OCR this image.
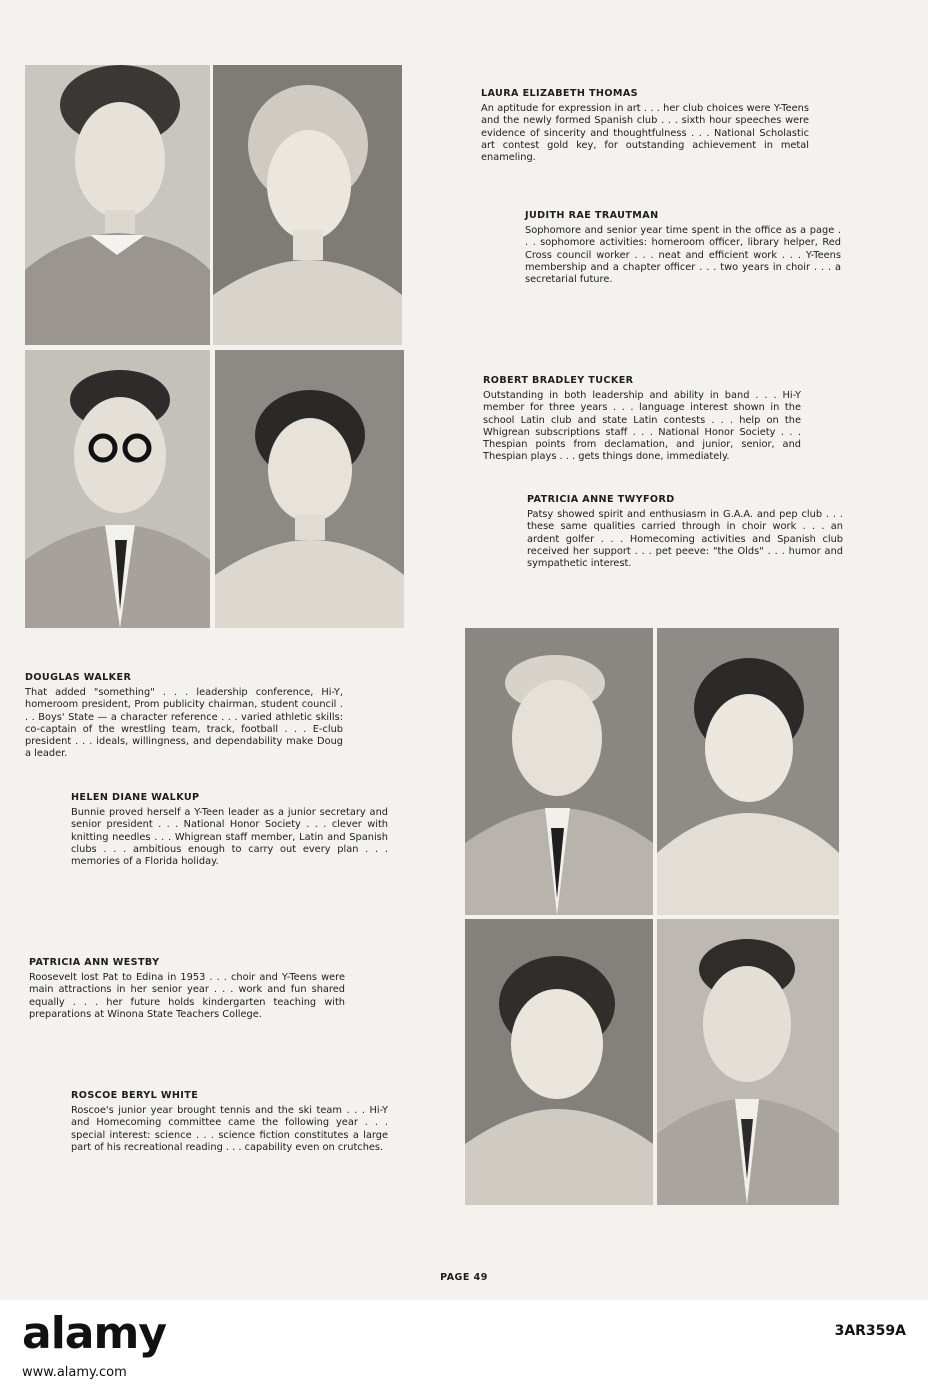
LAURA ELIZABETH THOMAS

An aptitude for expression in art . . . her club choices were Y-Teens and the newly formed Spanish club . . . sixth hour speeches were evidence of sincerity and thoughtfulness . . . National Scholastic art contest gold key, for outstanding achievement in metal enameling.

JUDITH RAE TRAUTMAN

Sophomore and senior year time spent in the office as a page . . . sophomore activities: homeroom officer, library helper, Red Cross council worker . . . neat and efficient work . . . Y-Teens membership and a chapter officer . . . two years in choir . . . a secretarial future.

ROBERT BRADLEY TUCKER

Outstanding in both leadership and ability in band . . . Hi-Y member for three years . . . language interest shown in the school Latin club and state Latin contests . . . help on the Whigrean subscriptions staff . . . National Honor Society . . . Thespian points from declamation, and junior, senior, and Thespian plays . . . gets things done, immediately.

PATRICIA ANNE TWYFORD

Patsy showed spirit and enthusiasm in G.A.A. and pep club . . . these same qualities carried through in choir work . . . an ardent golfer . . . Homecoming activities and Spanish club received her support . . . pet peeve: "the Olds" . . . humor and sympathetic interest.

DOUGLAS WALKER

That added "something" . . . leadership conference, Hi-Y, homeroom president, Prom publicity chairman, student council . . . Boys' State — a character reference . . . varied athletic skills: co-captain of the wrestling team, track, football . . . E-club president . . . ideals, willingness, and dependability make Doug a leader.

HELEN DIANE WALKUP

Bunnie proved herself a Y-Teen leader as a junior secretary and senior president . . . National Honor Society . . . clever with knitting needles . . . Whigrean staff member, Latin and Spanish clubs . . . ambitious enough to carry out every plan . . . memories of a Florida holiday.

PATRICIA ANN WESTBY

Roosevelt lost Pat to Edina in 1953 . . . choir and Y-Teens were main attractions in her senior year . . . work and fun shared equally . . . her future holds kindergarten teaching with preparations at Winona State Teachers College.

ROSCOE BERYL WHITE

Roscoe's junior year brought tennis and the ski team . . . Hi-Y and Homecoming committee came the following year . . . special interest: science . . . science fiction constitutes a large part of his recreational reading . . . capability even on crutches.

PAGE 49
alamy
www.alamy.com
3AR359A
